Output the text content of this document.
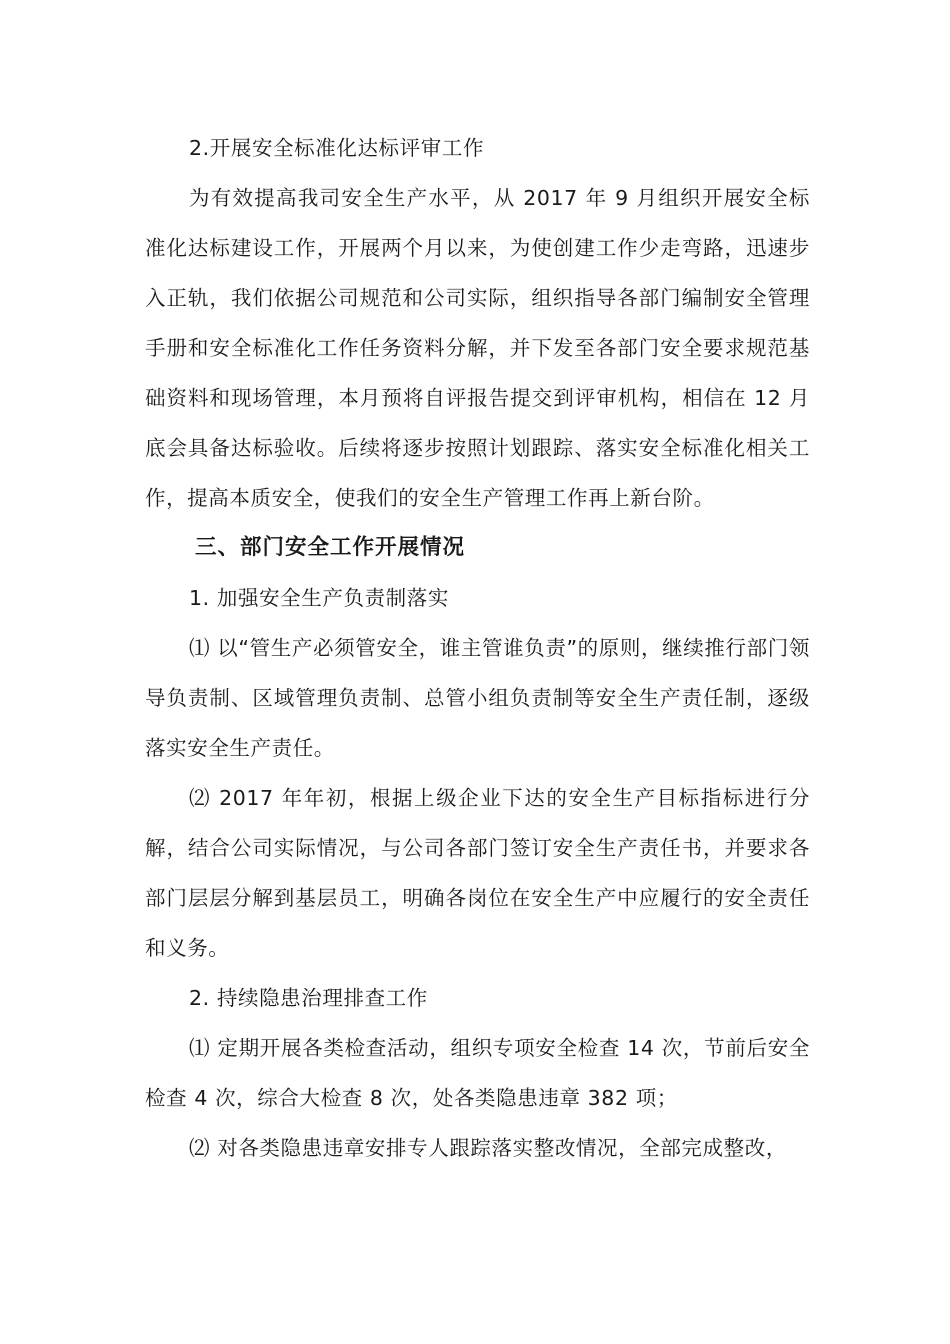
2.开展安全标准化达标评审工作

为有效提高我司安全生产水平，从 2017 年 9 月组织开展安全标准化达标建设工作，开展两个月以来，为使创建工作少走弯路，迅速步入正轨，我们依据公司规范和公司实际，组织指导各部门编制安全管理手册和安全标准化工作任务资料分解，并下发至各部门安全要求规范基础资料和现场管理，本月预将自评报告提交到评审机构，相信在 12 月底会具备达标验收。后续将逐步按照计划跟踪、落实安全标准化相关工作，提高本质安全，使我们的安全生产管理工作再上新台阶。

三、部门安全工作开展情况

1. 加强安全生产负责制落实

⑴ 以“管生产必须管安全，谁主管谁负责”的原则，继续推行部门领导负责制、区域管理负责制、总管小组负责制等安全生产责任制，逐级落实安全生产责任。

⑵ 2017 年年初，根据上级企业下达的安全生产目标指标进行分解，结合公司实际情况，与公司各部门签订安全生产责任书，并要求各部门层层分解到基层员工，明确各岗位在安全生产中应履行的安全责任和义务。

2. 持续隐患治理排查工作

⑴ 定期开展各类检查活动，组织专项安全检查 14 次，节前后安全检查 4 次，综合大检查 8 次，处各类隐患违章 382 项；

⑵ 对各类隐患违章安排专人跟踪落实整改情况，全部完成整改，
